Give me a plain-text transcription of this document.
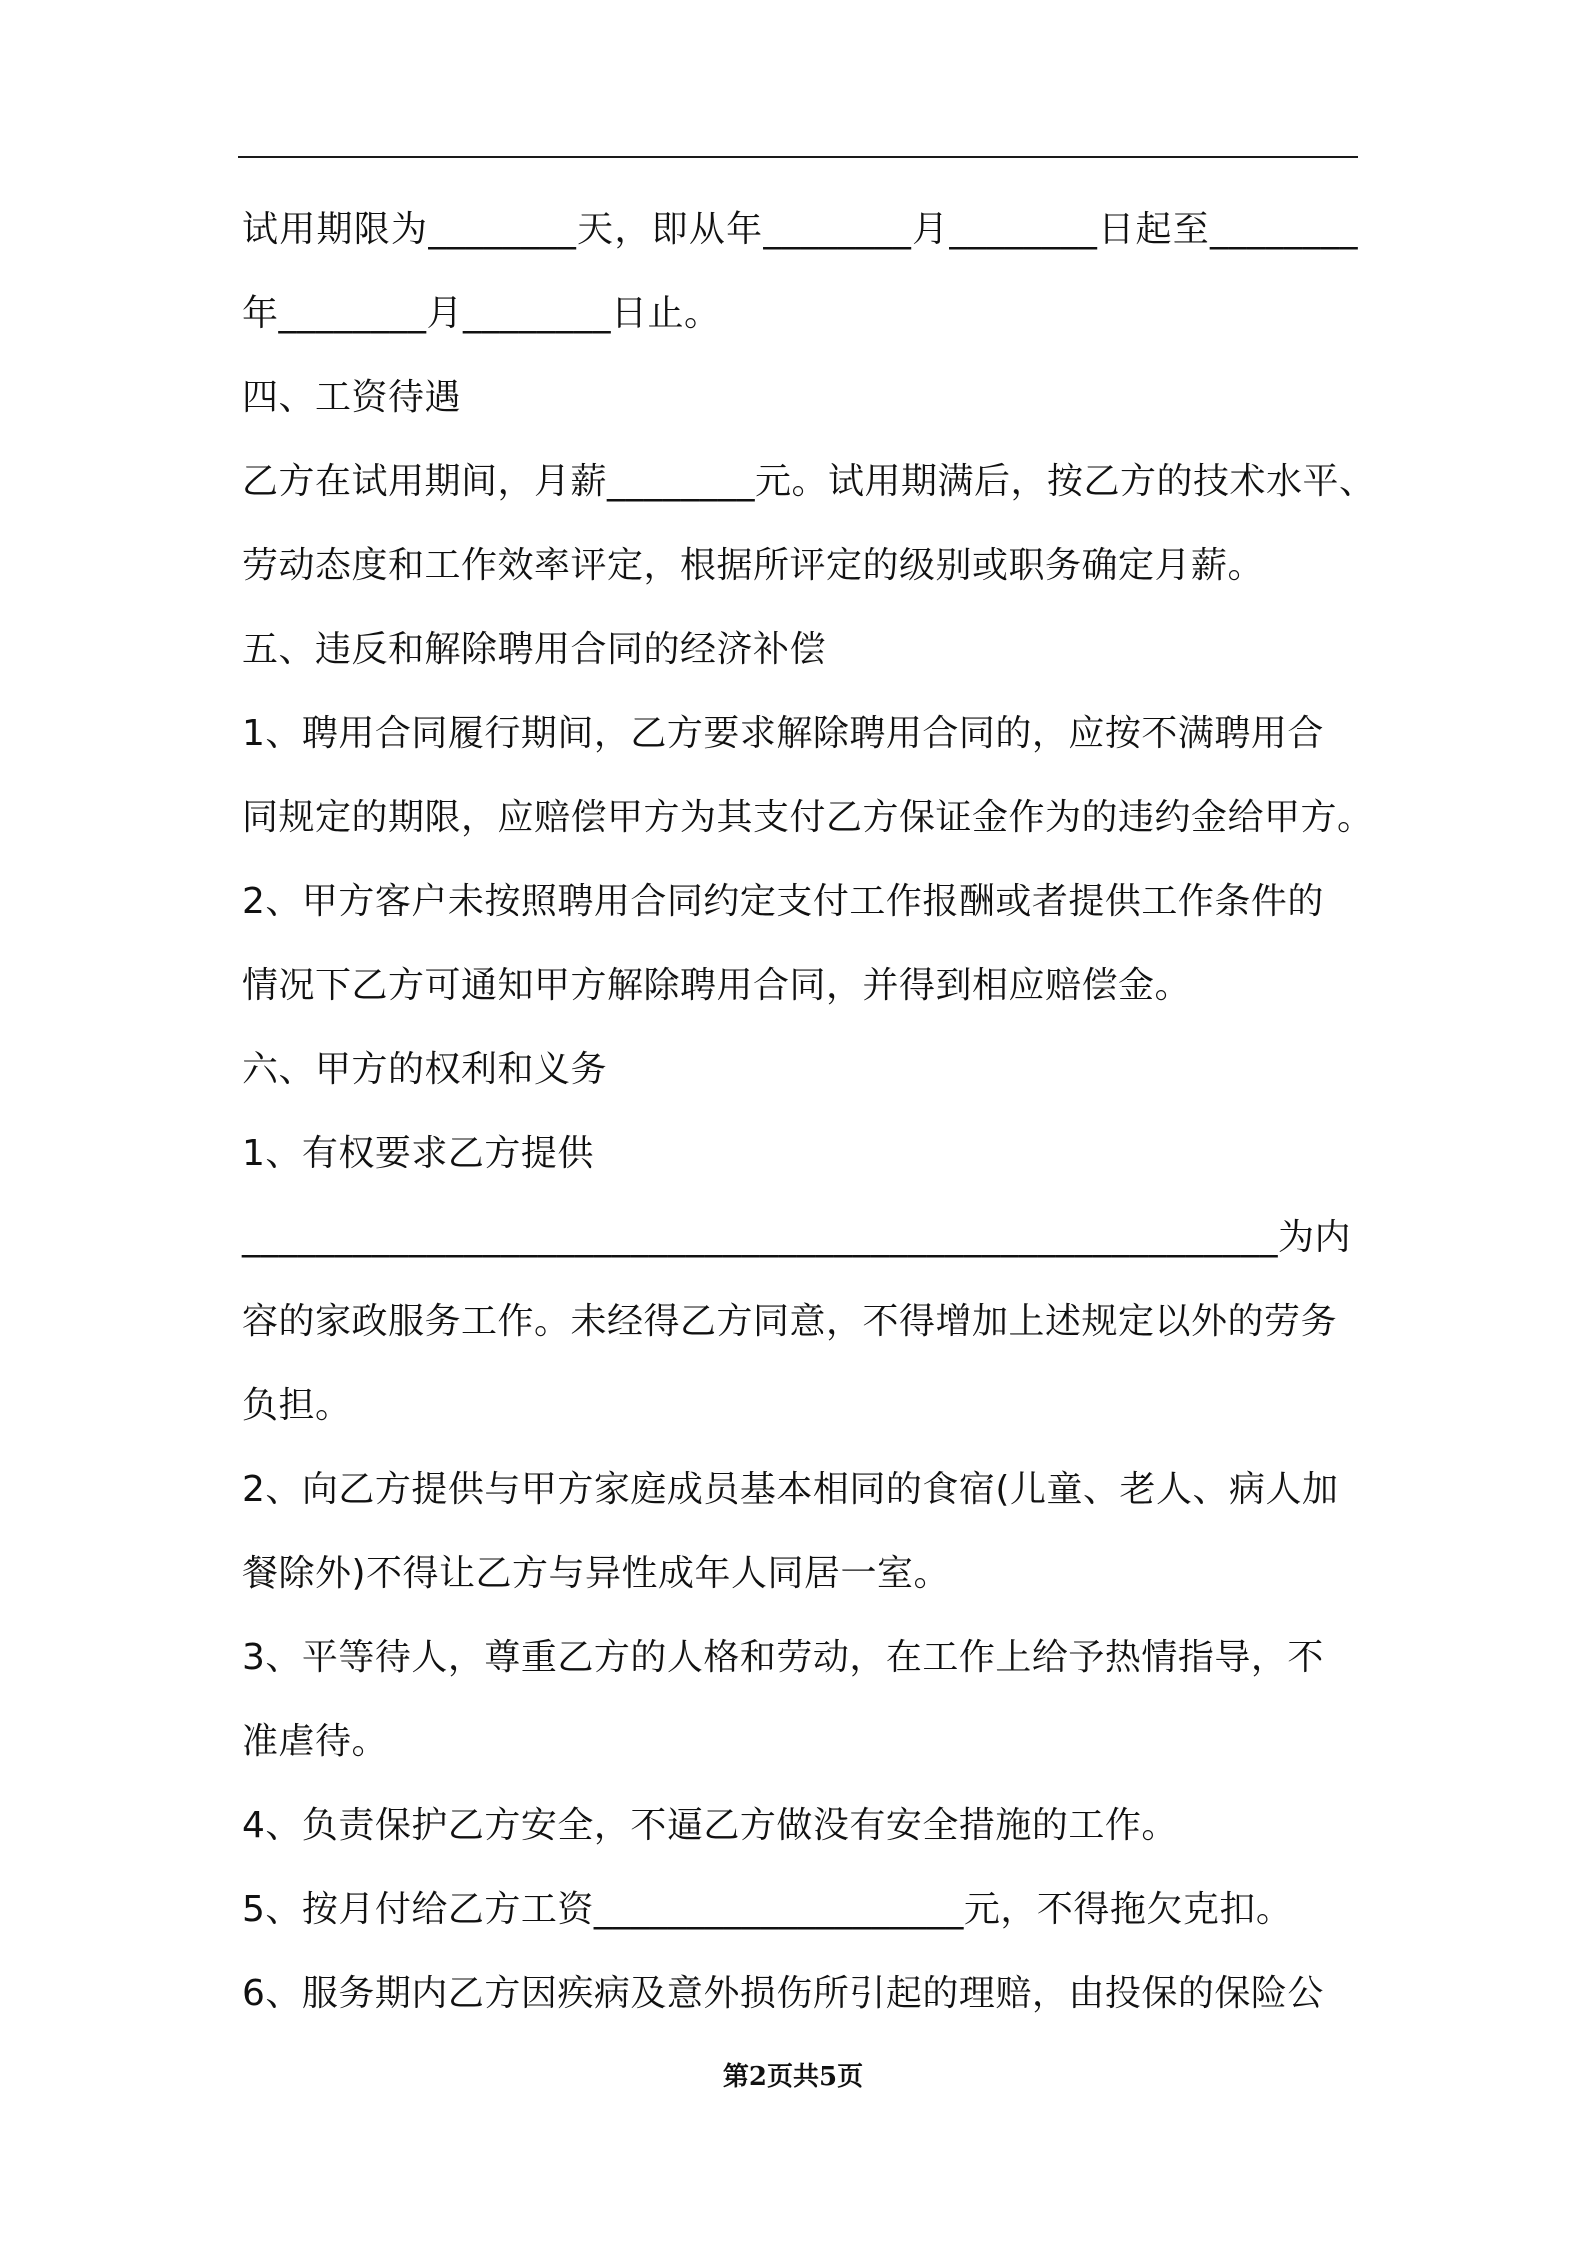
试用期限为________天，即从年________月________日起至________
年________月________日止。
四、工资待遇
乙方在试用期间，月薪________元。试用期满后，按乙方的技术水平、
劳动态度和工作效率评定，根据所评定的级别或职务确定月薪。
五、违反和解除聘用合同的经济补偿
1、聘用合同履行期间，乙方要求解除聘用合同的，应按不满聘用合
同规定的期限，应赔偿甲方为其支付乙方保证金作为的违约金给甲方。
2、甲方客户未按照聘用合同约定支付工作报酬或者提供工作条件的
情况下乙方可通知甲方解除聘用合同，并得到相应赔偿金。
六、甲方的权利和义务
1、有权要求乙方提供
________________________________________________________为内
容的家政服务工作。未经得乙方同意，不得增加上述规定以外的劳务
负担。
2、向乙方提供与甲方家庭成员基本相同的食宿(儿童、老人、病人加
餐除外)不得让乙方与异性成年人同居一室。
3、平等待人，尊重乙方的人格和劳动，在工作上给予热情指导，不
准虐待。
4、负责保护乙方安全，不逼乙方做没有安全措施的工作。
5、按月付给乙方工资____________________元，不得拖欠克扣。
6、服务期内乙方因疾病及意外损伤所引起的理赔，由投保的保险公
第2页共5页
